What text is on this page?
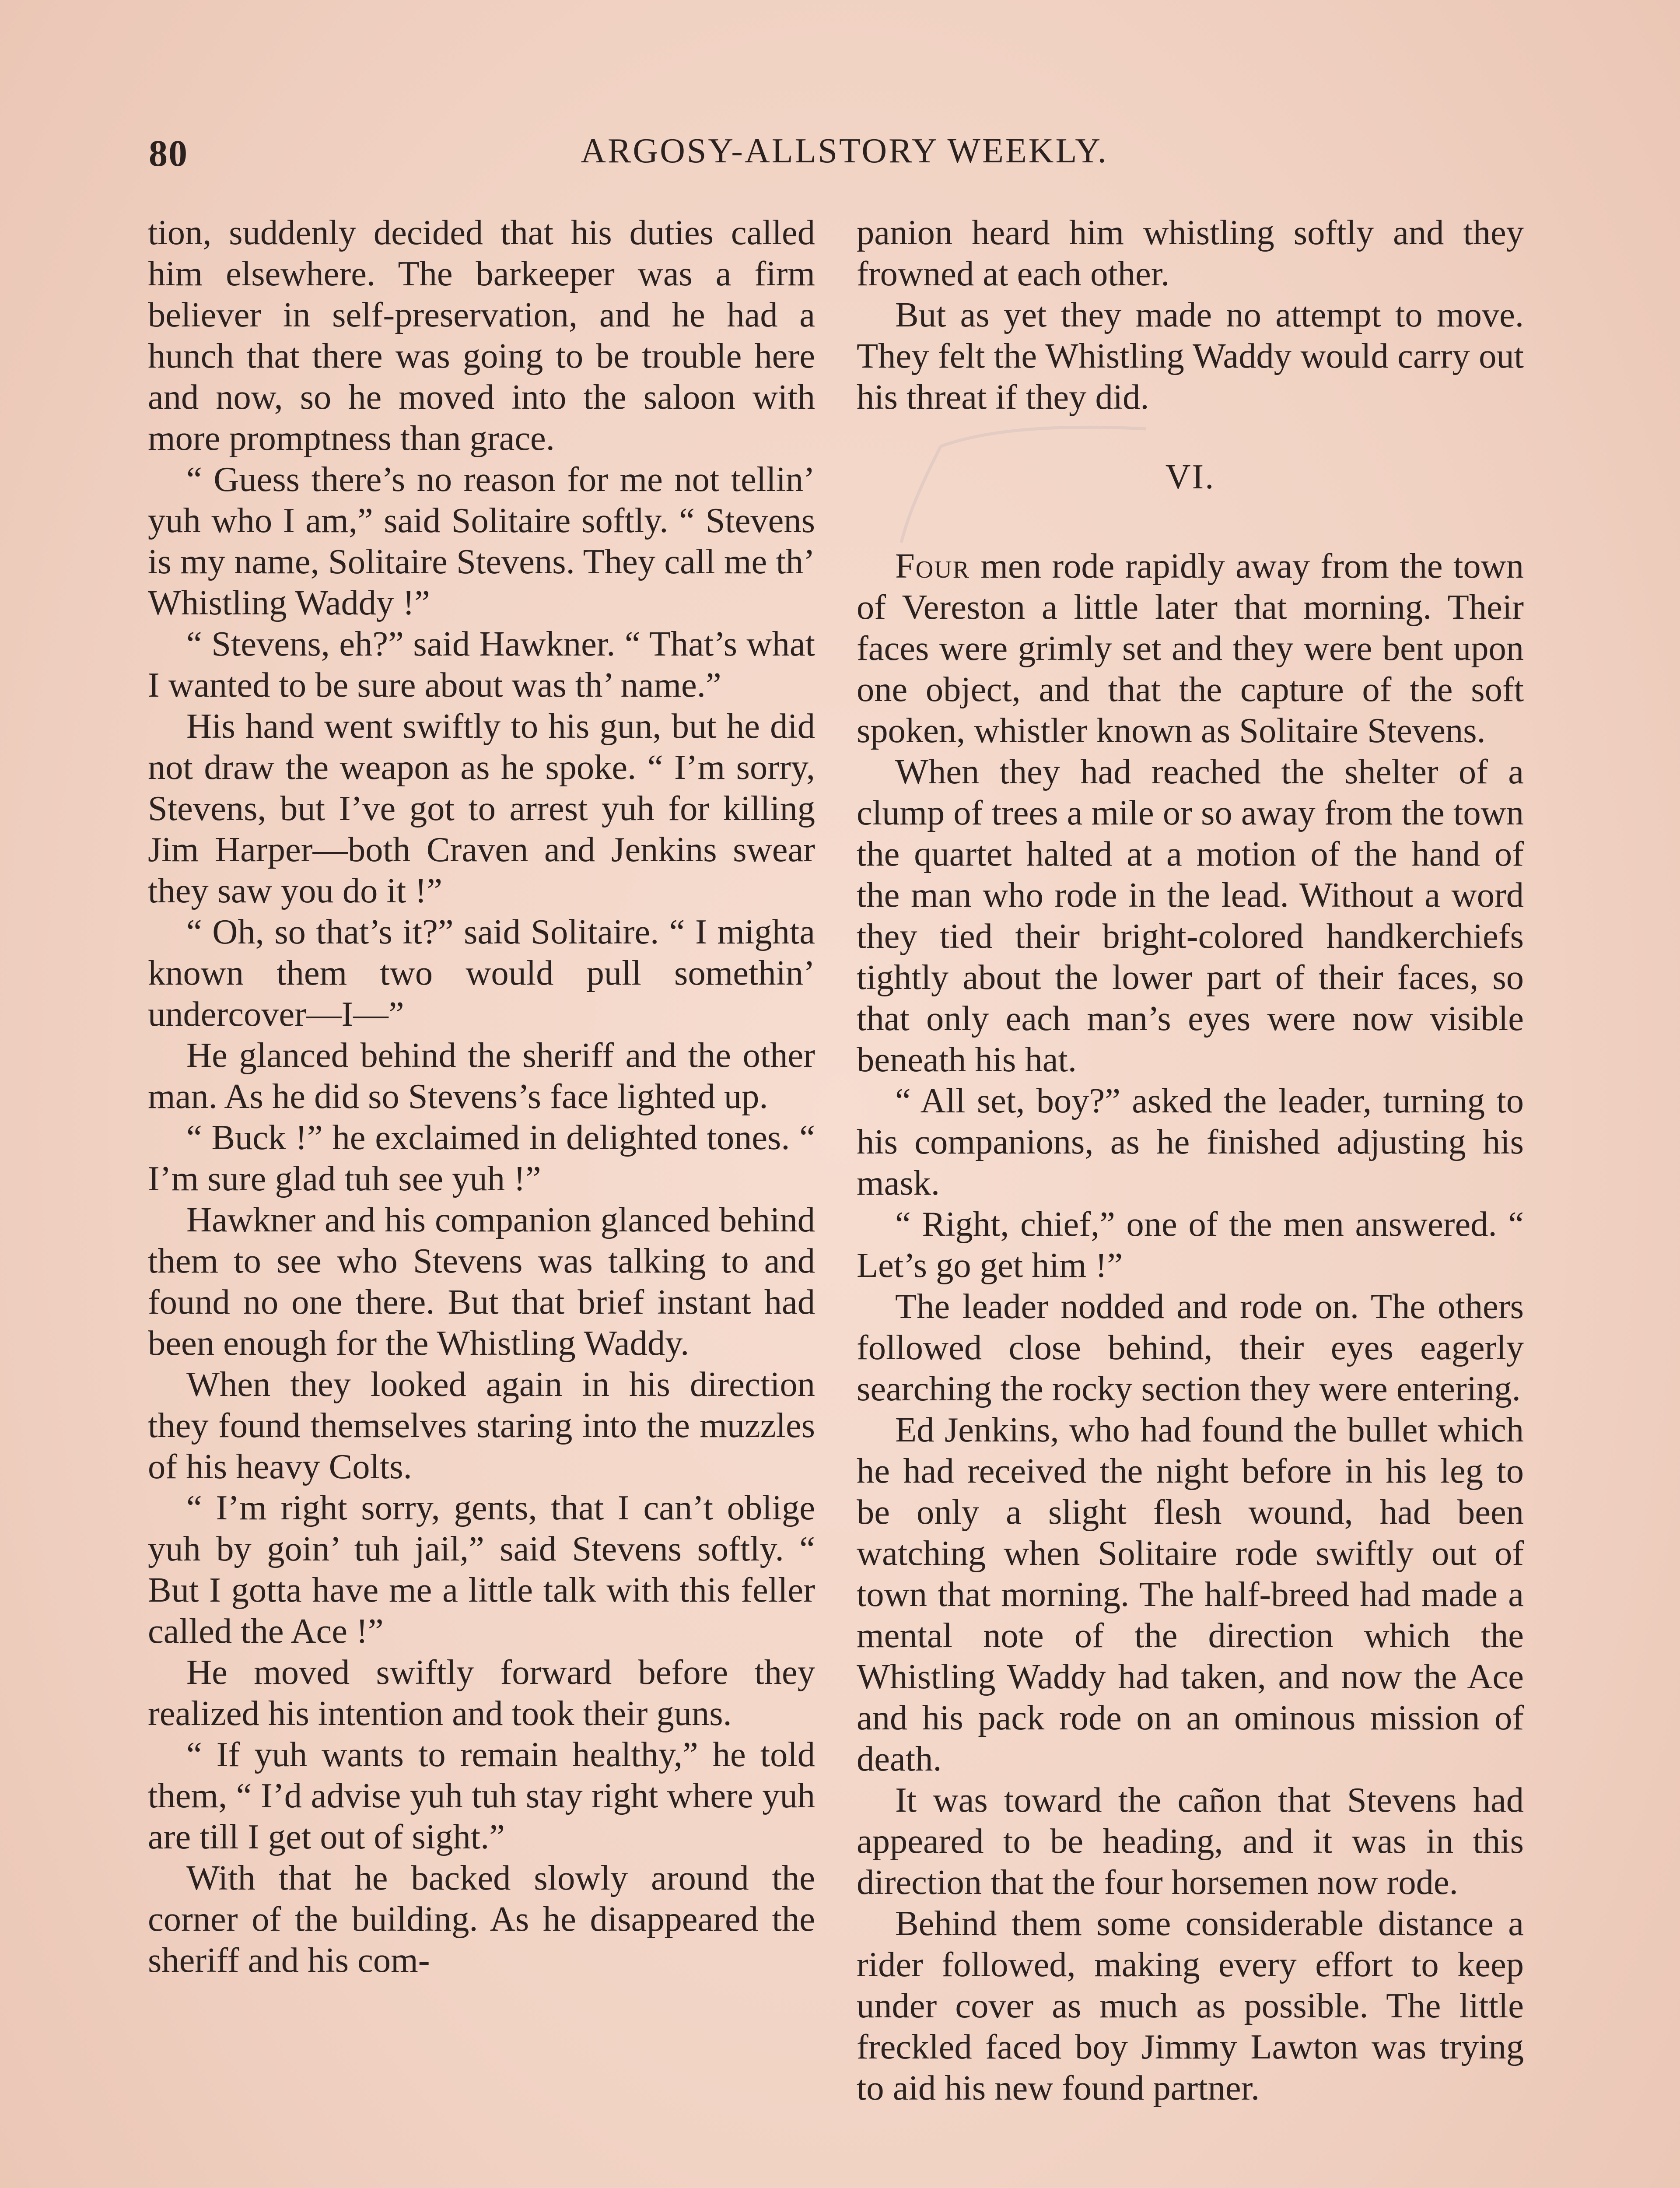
80	ARGOSY-ALLSTORY WEEKLY.

tion, suddenly decided that his duties called him elsewhere. The barkeeper was a firm believer in self-preservation, and he had a hunch that there was going to be trouble here and now, so he moved into the saloon with more promptness than grace.

“ Guess there’s no reason for me not tellin’ yuh who I am,” said Solitaire softly. “ Stevens is my name, Solitaire Stevens. They call me th’ Whistling Waddy !”

“ Stevens, eh?” said Hawkner. “ That’s what I wanted to be sure about was th’ name.”

His hand went swiftly to his gun, but he did not draw the weapon as he spoke. “ I’m sorry, Stevens, but I’ve got to arrest yuh for killing Jim Harper—both Craven and Jenkins swear they saw you do it !”

“ Oh, so that’s it?” said Solitaire. “ I mighta known them two would pull somethin’ undercover—I—”

He glanced behind the sheriff and the other man. As he did so Stevens’s face lighted up.

“ Buck !” he exclaimed in delighted tones. “ I’m sure glad tuh see yuh !”

Hawkner and his companion glanced behind them to see who Stevens was talking to and found no one there. But that brief instant had been enough for the Whistling Waddy.

When they looked again in his direction they found themselves staring into the muzzles of his heavy Colts.

“ I’m right sorry, gents, that I can’t oblige yuh by goin’ tuh jail,” said Stevens softly. “ But I gotta have me a little talk with this feller called the Ace !”

He moved swiftly forward before they realized his intention and took their guns.

“ If yuh wants to remain healthy,” he told them, “ I’d advise yuh tuh stay right where yuh are till I get out of sight.”

With that he backed slowly around the corner of the building. As he disappeared the sheriff and his com-

panion heard him whistling softly and they frowned at each other.

But as yet they made no attempt to move. They felt the Whistling Waddy would carry out his threat if they did.

VI.

Four men rode rapidly away from the town of Vereston a little later that morning. Their faces were grimly set and they were bent upon one object, and that the capture of the soft spoken, whistler known as Solitaire Stevens.

When they had reached the shelter of a clump of trees a mile or so away from the town the quartet halted at a motion of the hand of the man who rode in the lead. Without a word they tied their bright-colored handkerchiefs tightly about the lower part of their faces, so that only each man’s eyes were now visible beneath his hat.

“ All set, boy?” asked the leader, turning to his companions, as he finished adjusting his mask.

“ Right, chief,” one of the men answered. “ Let’s go get him !”

The leader nodded and rode on. The others followed close behind, their eyes eagerly searching the rocky section they were entering.

Ed Jenkins, who had found the bullet which he had received the night before in his leg to be only a slight flesh wound, had been watching when Solitaire rode swiftly out of town that morning. The half-breed had made a mental note of the direction which the Whistling Waddy had taken, and now the Ace and his pack rode on an ominous mission of death.

It was toward the cañon that Stevens had appeared to be heading, and it was in this direction that the four horsemen now rode.

Behind them some considerable distance a rider followed, making every effort to keep under cover as much as possible. The little freckled faced boy Jimmy Lawton was trying to aid his new found partner.
